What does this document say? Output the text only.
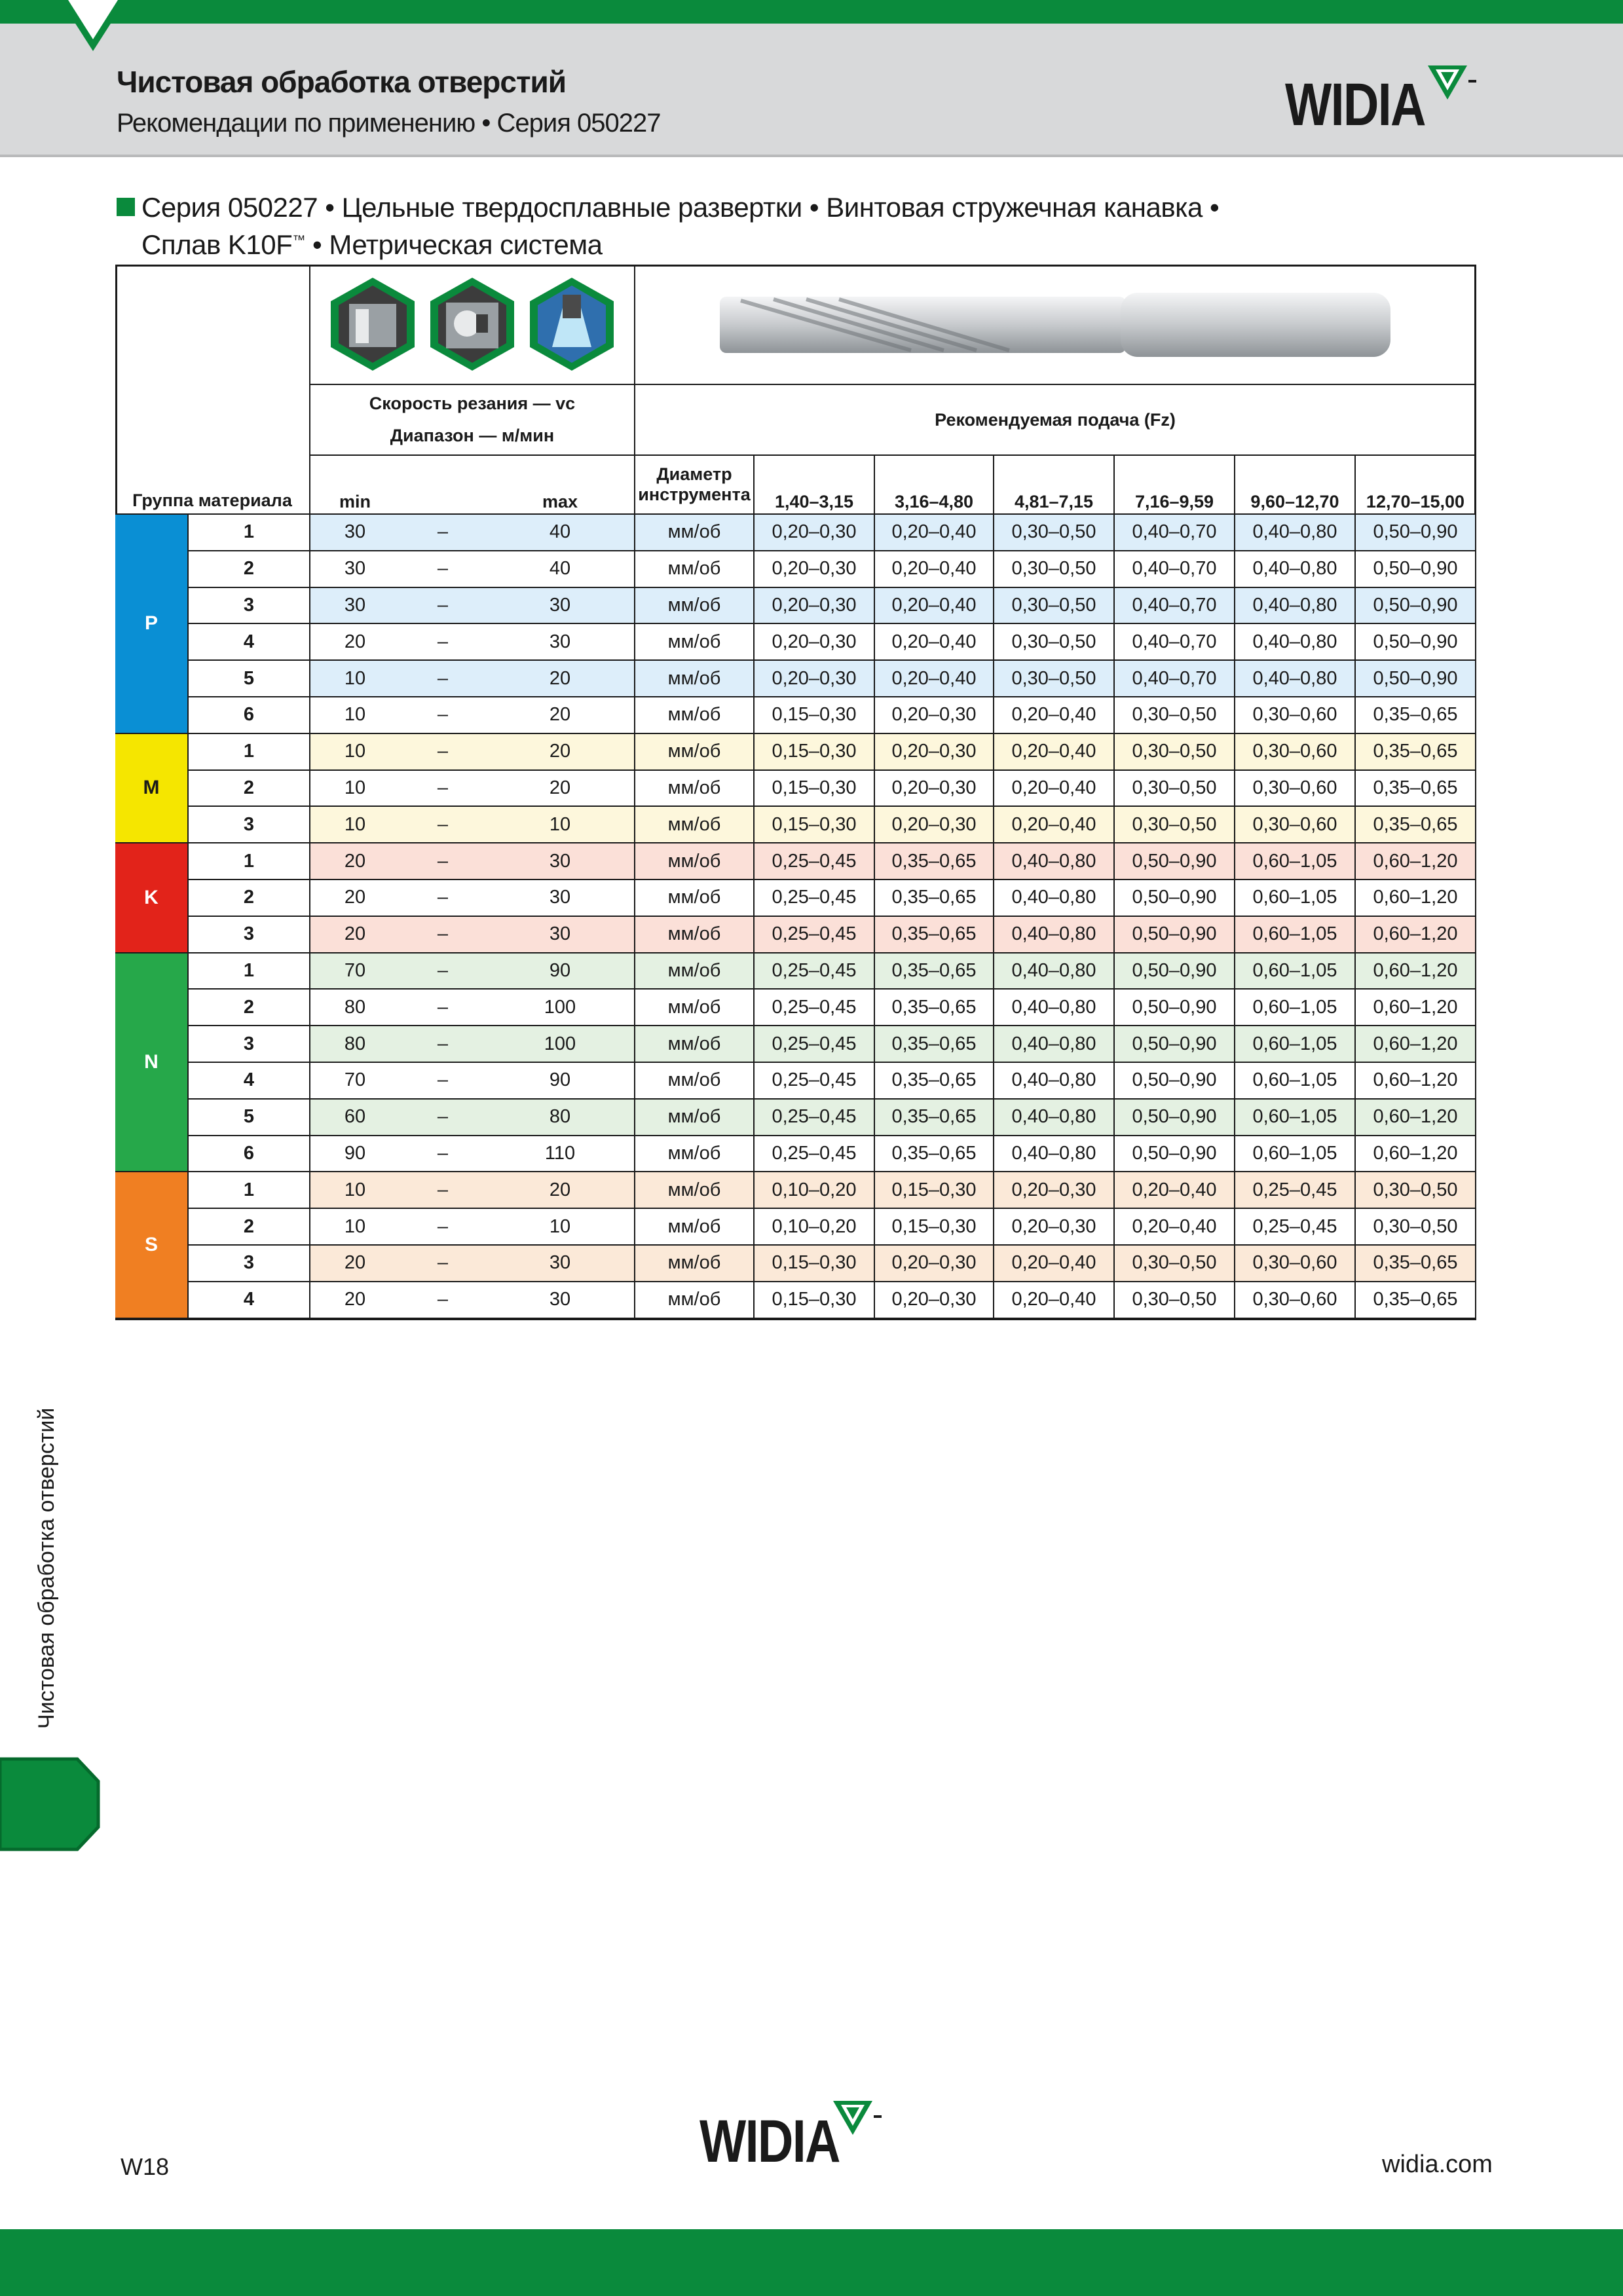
Чистовая обработка отверстий
Рекомендации по применению • Серия 050227	WIDIA
Серия 050227 • Цельные твердосплавные развертки • Винтовая стружечная канавка •
Сплав K10F™ • Метрическая система
Чистовая обработка отверстий
W18	WIDIA	widia.com
Группа материала
Скорость резания — vc
Диапазон — м/мин
Рекомендуемая подача (Fz)
min	max
Диаметр инструмента	1,40–3,15	3,16–4,80	4,81–7,15	7,16–9,59	9,60–12,70	12,70–15,00
P
1	30	–	40	мм/об	0,20–0,30	0,20–0,40	0,30–0,50	0,40–0,70	0,40–0,80	0,50–0,90
2	30	–	40	мм/об	0,20–0,30	0,20–0,40	0,30–0,50	0,40–0,70	0,40–0,80	0,50–0,90
3	30	–	30	мм/об	0,20–0,30	0,20–0,40	0,30–0,50	0,40–0,70	0,40–0,80	0,50–0,90
4	20	–	30	мм/об	0,20–0,30	0,20–0,40	0,30–0,50	0,40–0,70	0,40–0,80	0,50–0,90
5	10	–	20	мм/об	0,20–0,30	0,20–0,40	0,30–0,50	0,40–0,70	0,40–0,80	0,50–0,90
6	10	–	20	мм/об	0,15–0,30	0,20–0,30	0,20–0,40	0,30–0,50	0,30–0,60	0,35–0,65
M
1	10	–	20	мм/об	0,15–0,30	0,20–0,30	0,20–0,40	0,30–0,50	0,30–0,60	0,35–0,65
2	10	–	20	мм/об	0,15–0,30	0,20–0,30	0,20–0,40	0,30–0,50	0,30–0,60	0,35–0,65
3	10	–	10	мм/об	0,15–0,30	0,20–0,30	0,20–0,40	0,30–0,50	0,30–0,60	0,35–0,65
K
1	20	–	30	мм/об	0,25–0,45	0,35–0,65	0,40–0,80	0,50–0,90	0,60–1,05	0,60–1,20
2	20	–	30	мм/об	0,25–0,45	0,35–0,65	0,40–0,80	0,50–0,90	0,60–1,05	0,60–1,20
3	20	–	30	мм/об	0,25–0,45	0,35–0,65	0,40–0,80	0,50–0,90	0,60–1,05	0,60–1,20
N
1	70	–	90	мм/об	0,25–0,45	0,35–0,65	0,40–0,80	0,50–0,90	0,60–1,05	0,60–1,20
2	80	–	100	мм/об	0,25–0,45	0,35–0,65	0,40–0,80	0,50–0,90	0,60–1,05	0,60–1,20
3	80	–	100	мм/об	0,25–0,45	0,35–0,65	0,40–0,80	0,50–0,90	0,60–1,05	0,60–1,20
4	70	–	90	мм/об	0,25–0,45	0,35–0,65	0,40–0,80	0,50–0,90	0,60–1,05	0,60–1,20
5	60	–	80	мм/об	0,25–0,45	0,35–0,65	0,40–0,80	0,50–0,90	0,60–1,05	0,60–1,20
6	90	–	110	мм/об	0,25–0,45	0,35–0,65	0,40–0,80	0,50–0,90	0,60–1,05	0,60–1,20
S
1	10	–	20	мм/об	0,10–0,20	0,15–0,30	0,20–0,30	0,20–0,40	0,25–0,45	0,30–0,50
2	10	–	10	мм/об	0,10–0,20	0,15–0,30	0,20–0,30	0,20–0,40	0,25–0,45	0,30–0,50
3	20	–	30	мм/об	0,15–0,30	0,20–0,30	0,20–0,40	0,30–0,50	0,30–0,60	0,35–0,65
4	20	–	30	мм/об	0,15–0,30	0,20–0,30	0,20–0,40	0,30–0,50	0,30–0,60	0,35–0,65
